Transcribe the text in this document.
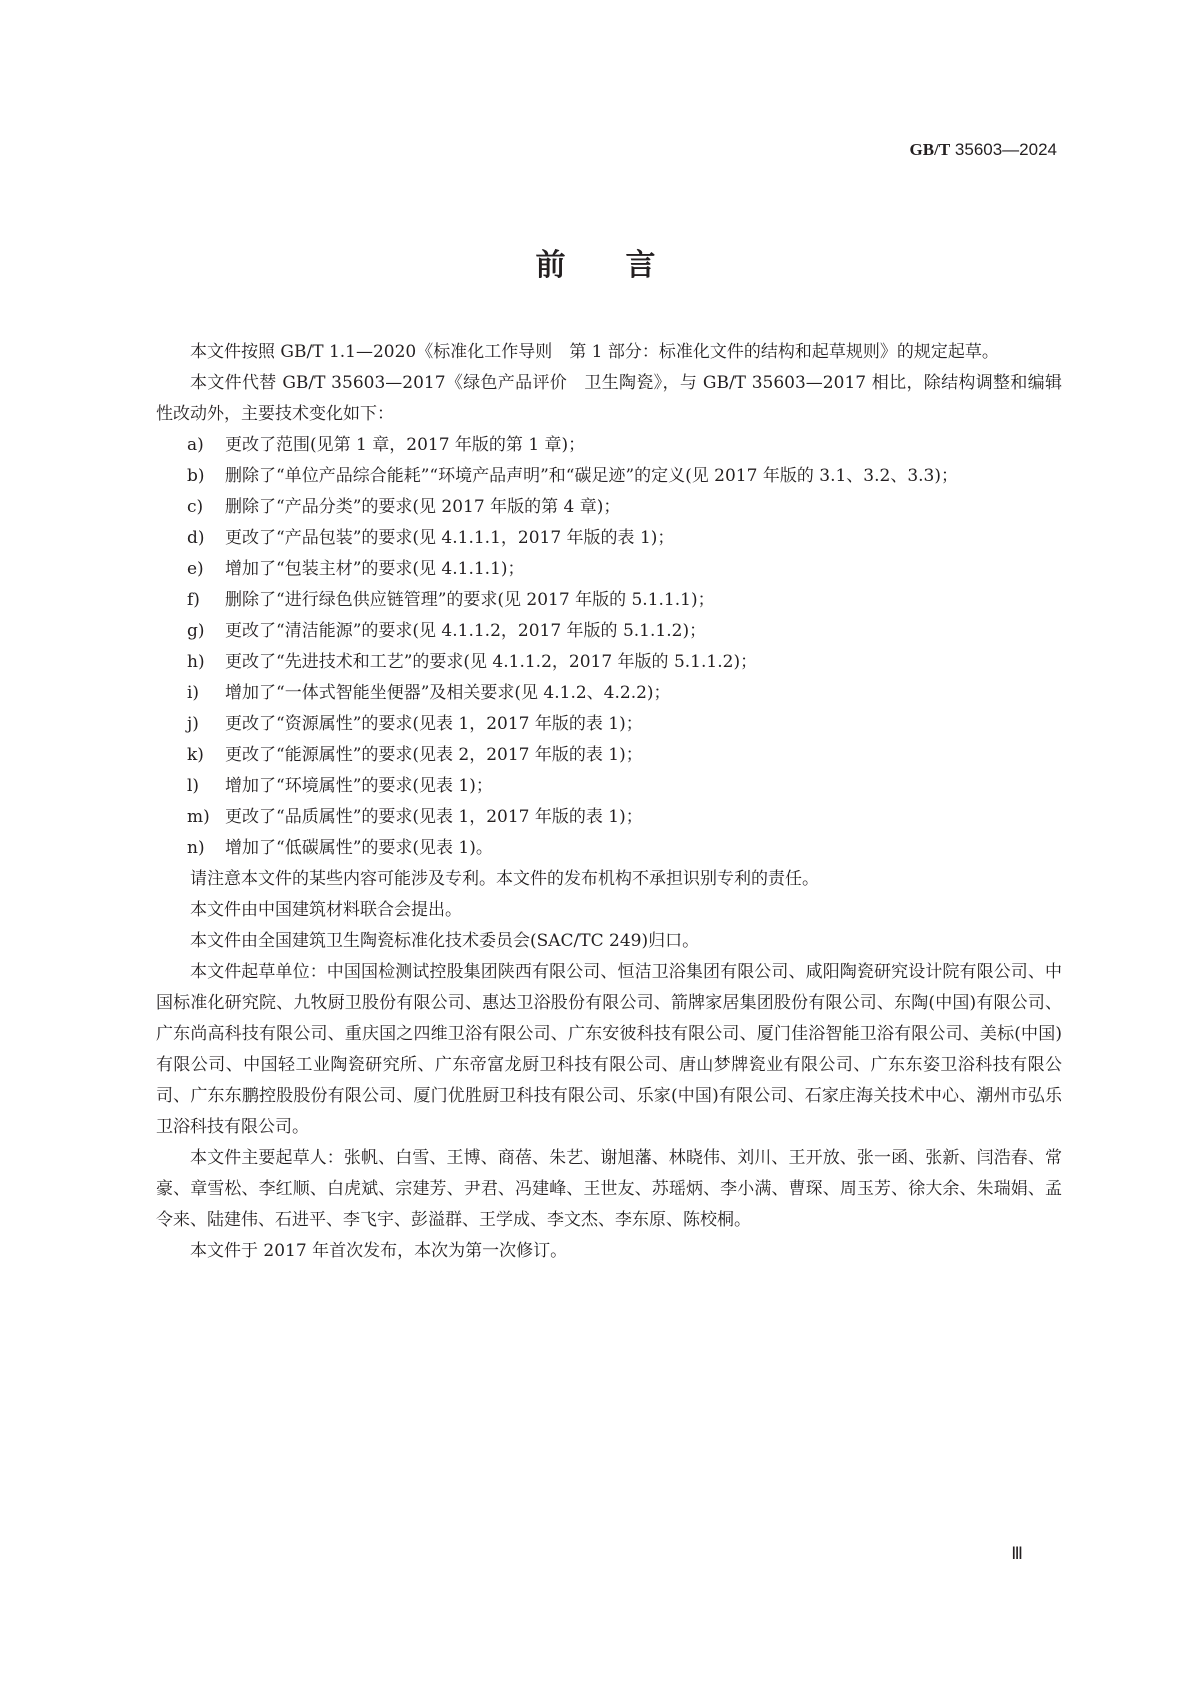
GB/T 35603—2024
前言

本文件按照 GB/T 1.1—2020《标准化工作导则　第 1 部分：标准化文件的结构和起草规则》的规定起草。

本文件代替 GB/T 35603—2017《绿色产品评价　卫生陶瓷》，与 GB/T 35603—2017 相比，除结构调整和编辑性改动外，主要技术变化如下：

a)	更改了范围(见第 1 章，2017 年版的第 1 章)；
b)	删除了“单位产品综合能耗”“环境产品声明”和“碳足迹”的定义(见 2017 年版的 3.1、3.2、3.3)；
c)	删除了“产品分类”的要求(见 2017 年版的第 4 章)；
d)	更改了“产品包装”的要求(见 4.1.1.1，2017 年版的表 1)；
e)	增加了“包装主材”的要求(见 4.1.1.1)；
f)	删除了“进行绿色供应链管理”的要求(见 2017 年版的 5.1.1.1)；
g)	更改了“清洁能源”的要求(见 4.1.1.2，2017 年版的 5.1.1.2)；
h)	更改了“先进技术和工艺”的要求(见 4.1.1.2，2017 年版的 5.1.1.2)；
i)	增加了“一体式智能坐便器”及相关要求(见 4.1.2、4.2.2)；
j)	更改了“资源属性”的要求(见表 1，2017 年版的表 1)；
k)	更改了“能源属性”的要求(见表 2，2017 年版的表 1)；
l)	增加了“环境属性”的要求(见表 1)；
m) 更改了“品质属性”的要求(见表 1，2017 年版的表 1)；
n)	增加了“低碳属性”的要求(见表 1)。

请注意本文件的某些内容可能涉及专利。本文件的发布机构不承担识别专利的责任。

本文件由中国建筑材料联合会提出。

本文件由全国建筑卫生陶瓷标准化技术委员会(SAC/TC 249)归口。

本文件起草单位：中国国检测试控股集团陕西有限公司、恒洁卫浴集团有限公司、咸阳陶瓷研究设计院有限公司、中国标准化研究院、九牧厨卫股份有限公司、惠达卫浴股份有限公司、箭牌家居集团股份有限公司、东陶(中国)有限公司、广东尚高科技有限公司、重庆国之四维卫浴有限公司、广东安彼科技有限公司、厦门佳浴智能卫浴有限公司、美标(中国)有限公司、中国轻工业陶瓷研究所、广东帝富龙厨卫科技有限公司、唐山梦牌瓷业有限公司、广东东姿卫浴科技有限公司、广东东鹏控股股份有限公司、厦门优胜厨卫科技有限公司、乐家(中国)有限公司、石家庄海关技术中心、潮州市弘乐卫浴科技有限公司。

本文件主要起草人：张帆、白雪、王博、商蓓、朱艺、谢旭藩、林晓伟、刘川、王开放、张一函、张新、闫浩春、常豪、章雪松、李红顺、白虎斌、宗建芳、尹君、冯建峰、王世友、苏瑶炳、李小满、曹琛、周玉芳、徐大余、朱瑞娟、孟令来、陆建伟、石进平、李飞宇、彭溢群、王学成、李文杰、李东原、陈校桐。

本文件于 2017 年首次发布，本次为第一次修订。

Ⅲ
